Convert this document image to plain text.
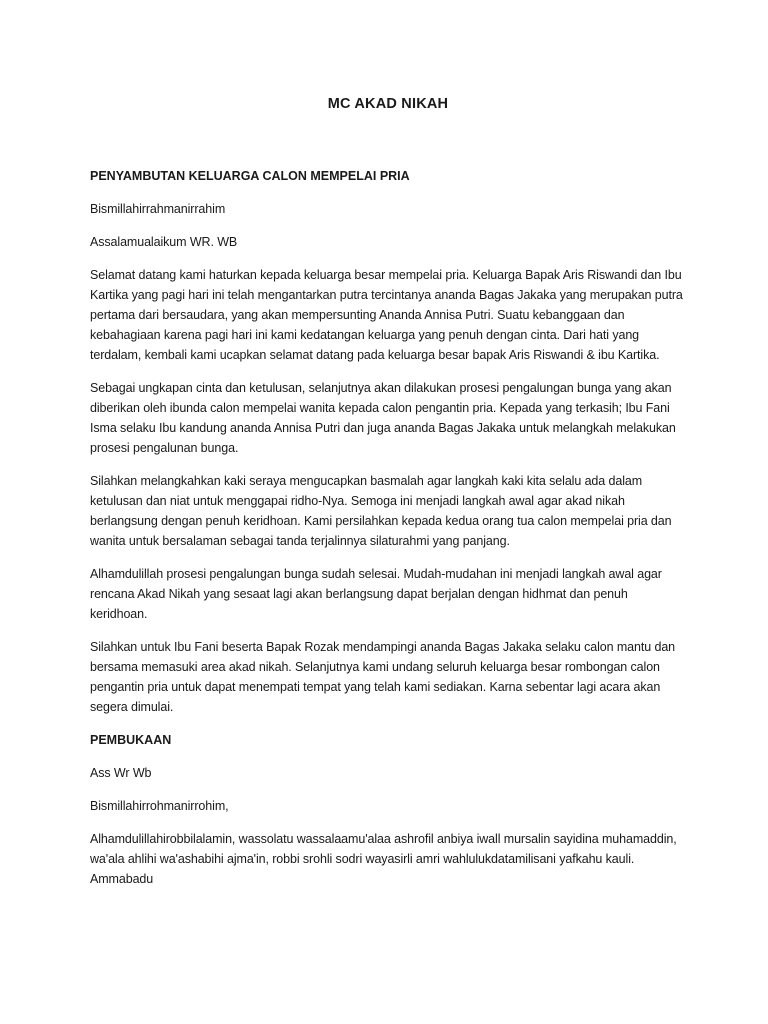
MC AKAD NIKAH
PENYAMBUTAN KELUARGA CALON MEMPELAI PRIA

Bismillahirrahmanirrahim

Assalamualaikum WR. WB

Selamat datang kami haturkan kepada keluarga besar mempelai pria. Keluarga Bapak Aris Riswandi dan Ibu Kartika yang pagi hari ini telah mengantarkan putra tercintanya ananda Bagas Jakaka yang merupakan putra pertama dari bersaudara, yang akan mempersunting Ananda Annisa Putri. Suatu kebanggaan dan kebahagiaan karena pagi hari ini kami kedatangan keluarga yang penuh dengan cinta. Dari hati yang terdalam, kembali kami ucapkan selamat datang pada keluarga besar bapak Aris Riswandi & ibu Kartika.

Sebagai ungkapan cinta dan ketulusan, selanjutnya akan dilakukan prosesi pengalungan bunga yang akan diberikan oleh ibunda calon mempelai wanita kepada calon pengantin pria. Kepada yang terkasih; Ibu Fani Isma selaku Ibu kandung ananda Annisa Putri dan juga ananda Bagas Jakaka untuk melangkah melakukan prosesi pengalunan bunga.

Silahkan melangkahkan kaki seraya mengucapkan basmalah agar langkah kaki kita selalu ada dalam ketulusan dan niat untuk menggapai ridho-Nya. Semoga ini menjadi langkah awal agar akad nikah berlangsung dengan penuh keridhoan. Kami persilahkan kepada kedua orang tua calon mempelai pria dan wanita untuk bersalaman sebagai tanda terjalinnya silaturahmi yang panjang.

Alhamdulillah prosesi pengalungan bunga sudah selesai. Mudah-mudahan ini menjadi langkah awal agar rencana Akad Nikah yang sesaat lagi akan berlangsung dapat berjalan dengan hidhmat dan penuh keridhoan.

Silahkan untuk Ibu Fani beserta Bapak Rozak mendampingi ananda Bagas Jakaka selaku calon mantu dan bersama memasuki area akad nikah. Selanjutnya kami undang seluruh keluarga besar rombongan calon pengantin pria untuk dapat menempati tempat yang telah kami sediakan. Karna sebentar lagi acara akan segera dimulai.

PEMBUKAAN

Ass Wr Wb

Bismillahirrohmanirrohim,

Alhamdulillahirobbilalamin, wassolatu wassalaamu'alaa ashrofil anbiya iwall mursalin sayidina muhamaddin, wa'ala ahlihi wa'ashabihi ajma'in, robbi srohli sodri wayasirli amri wahlulukdatamilisani yafkahu kauli. Ammabadu
